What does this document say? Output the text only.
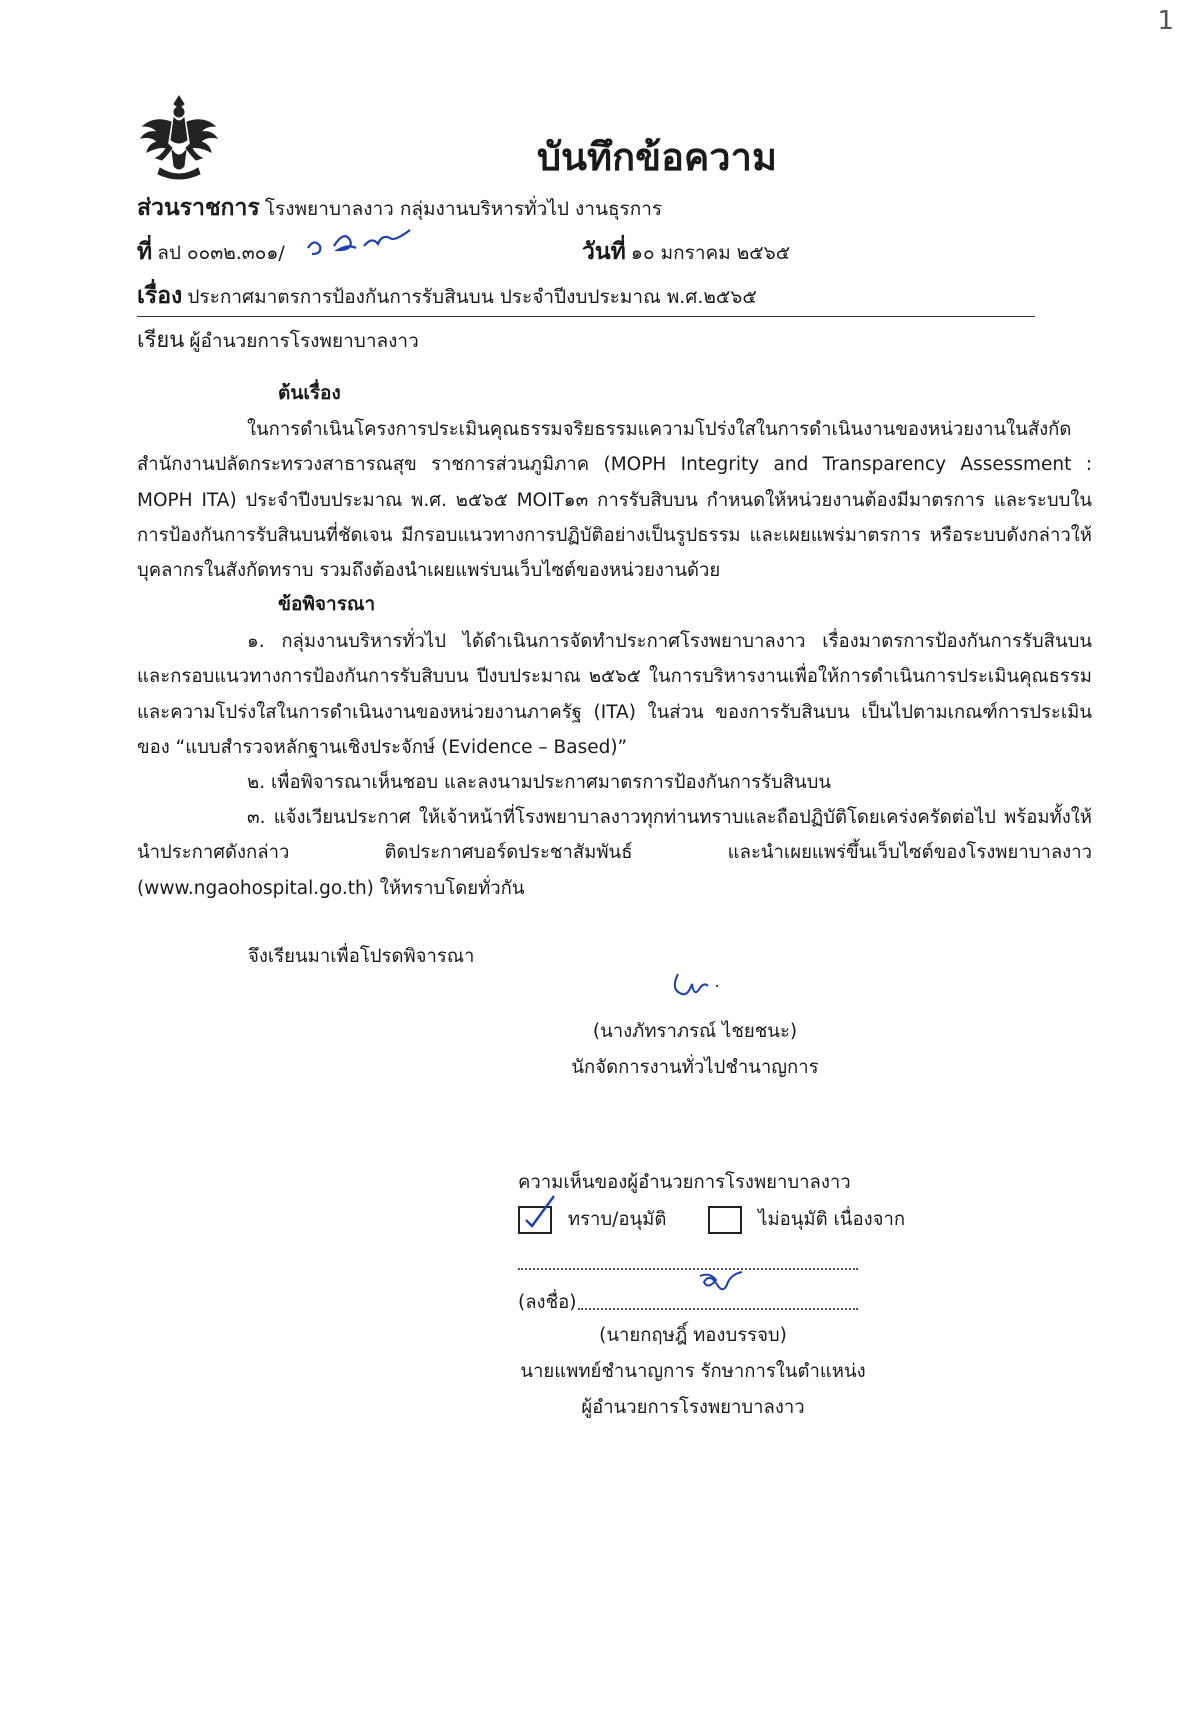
1
บันทึกข้อความ
ส่วนราชการ โรงพยาบาลงาว กลุ่มงานบริหารทั่วไป งานธุรการ
ที่ ลป ๐๐๓๒.๓๐๑/	วันที่ ๑๐ มกราคม ๒๕๖๕
เรื่อง ประกาศมาตรการป้องกันการรับสินบน ประจำปีงบประมาณ พ.ศ.๒๕๖๕
เรียน ผู้อำนวยการโรงพยาบาลงาว
ต้นเรื่อง
ในการดำเนินโครงการประเมินคุณธรรมจริยธรรมแความโปร่งใสในการดำเนินงานของหน่วยงานในสังกัดสำนักงานปลัดกระทรวงสาธารณสุข ราชการส่วนภูมิภาค (MOPH Integrity and Transparency Assessment : MOPH ITA) ประจำปีงบประมาณ พ.ศ. ๒๕๖๕ MOIT๑๓ การรับสิบบน กำหนดให้หน่วยงานต้องมีมาตรการ และระบบในการป้องกันการรับสินบนที่ชัดเจน มีกรอบแนวทางการปฏิบัติอย่างเป็นรูปธรรม และเผยแพร่มาตรการ หรือระบบดังกล่าวให้บุคลากรในสังกัดทราบ รวมถึงต้องนำเผยแพร่บนเว็บไซต์ของหน่วยงานด้วย
ข้อพิจารณา
๑. กลุ่มงานบริหารทั่วไป ได้ดำเนินการจัดทำประกาศโรงพยาบาลงาว เรื่องมาตรการป้องกันการรับสินบน และกรอบแนวทางการป้องกันการรับสิบบน ปีงบประมาณ ๒๕๖๕ ในการบริหารงานเพื่อให้การดำเนินการประเมินคุณธรรมและความโปร่งใสในการดำเนินงานของหน่วยงานภาครัฐ (ITA) ในส่วน ของการรับสินบน เป็นไปตามเกณฑ์การประเมินของ “แบบสำรวจหลักฐานเชิงประจักษ์ (Evidence – Based)”
๒. เพื่อพิจารณาเห็นชอบ และลงนามประกาศมาตรการป้องกันการรับสินบน
๓. แจ้งเวียนประกาศ ให้เจ้าหน้าที่โรงพยาบาลงาวทุกท่านทราบและถือปฏิบัติโดยเคร่งครัดต่อไป พร้อมทั้งให้นำประกาศดังกล่าว ติดประกาศบอร์ดประชาสัมพันธ์ และนำเผยแพร่ขึ้นเว็บไซต์ของโรงพยาบาลงาว (www.ngaohospital.go.th) ให้ทราบโดยทั่วกัน
จึงเรียนมาเพื่อโปรดพิจารณา
(นางภัทราภรณ์ ไชยชนะ)
นักจัดการงานทั่วไปชำนาญการ
ความเห็นของผู้อำนวยการโรงพยาบาลงาว
ทราบ/อนุมัติ	ไม่อนุมัติ เนื่องจาก
(ลงชื่อ)
(นายกฤษฎิ์ ทองบรรจบ)
นายแพทย์ชำนาญการ รักษาการในตำแหน่ง
ผู้อำนวยการโรงพยาบาลงาว
